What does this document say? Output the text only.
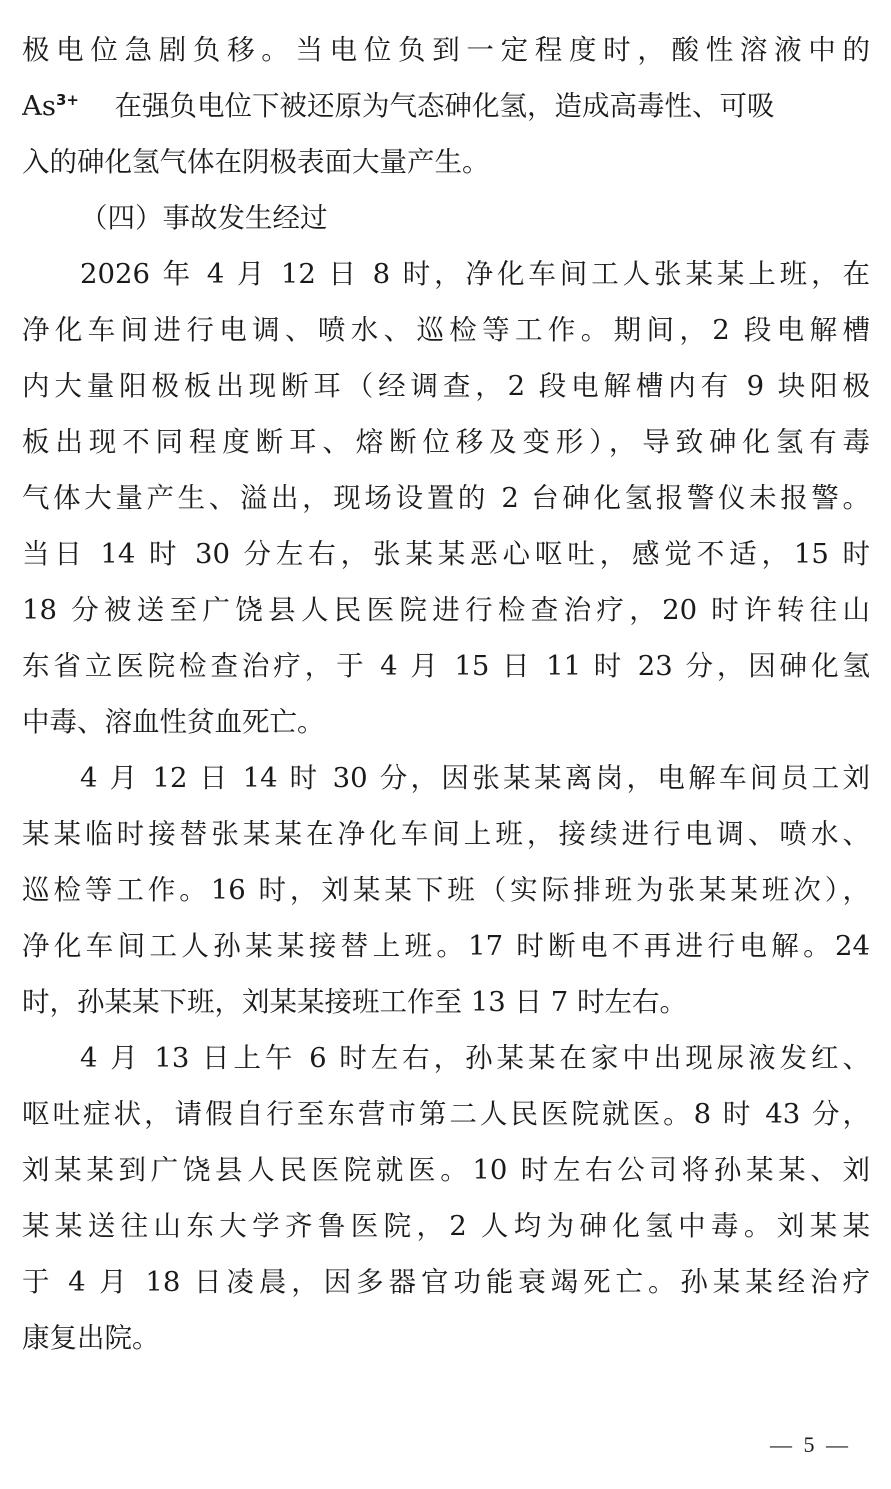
极电位急剧负移。当电位负到一定程度时，酸性溶液中的
$As^{3+}$ 在强负电位下被还原为气态砷化氢，造成高毒性、可吸
入的砷化氢气体在阴极表面大量产生。
（四）事故发生经过
2026 年 4 月 12 日 8 时，净化车间工人张某某上班，在
净化车间进行电调、喷水、巡检等工作。期间，2 段电解槽
内大量阳极板出现断耳（经调查，2 段电解槽内有 9 块阳极
板出现不同程度断耳、熔断位移及变形），导致砷化氢有毒
气体大量产生、溢出，现场设置的 2 台砷化氢报警仪未报警。
当日 14 时 30 分左右，张某某恶心呕吐，感觉不适，15 时
18 分被送至广饶县人民医院进行检查治疗，20 时许转往山
东省立医院检查治疗，于 4 月 15 日 11 时 23 分，因砷化氢
中毒、溶血性贫血死亡。
4 月 12 日 14 时 30 分，因张某某离岗，电解车间员工刘
某某临时接替张某某在净化车间上班，接续进行电调、喷水、
巡检等工作。16 时，刘某某下班（实际排班为张某某班次），
净化车间工人孙某某接替上班。17 时断电不再进行电解。24
时，孙某某下班，刘某某接班工作至 13 日 7 时左右。
4 月 13 日上午 6 时左右，孙某某在家中出现尿液发红、
呕吐症状，请假自行至东营市第二人民医院就医。8 时 43 分，
刘某某到广饶县人民医院就医。10 时左右公司将孙某某、刘
某某送往山东大学齐鲁医院，2 人均为砷化氢中毒。刘某某
于 4 月 18 日凌晨，因多器官功能衰竭死亡。孙某某经治疗
康复出院。
— 5 —
